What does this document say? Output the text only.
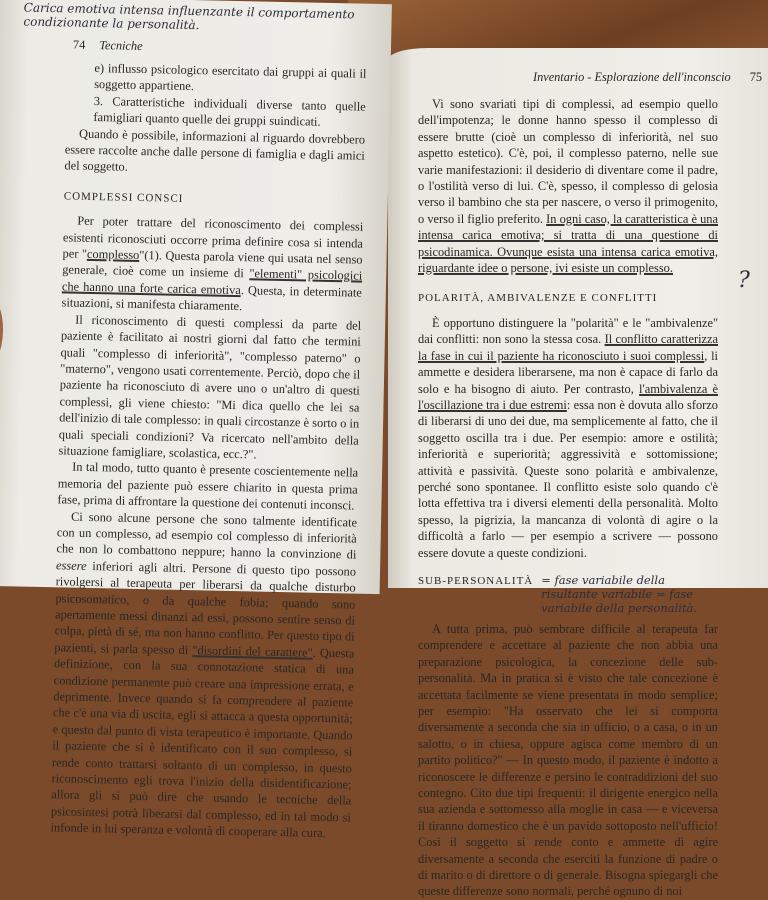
Inventario - Esplorazione dell'inconscio 75

Vi sono svariati tipi di complessi, ad esempio quello dell'impotenza; le donne hanno spesso il complesso di essere brutte (cioè un complesso di inferiorità, nel suo aspetto estetico). C'è, poi, il complesso paterno, nelle sue varie manifestazioni: il desiderio di diventare come il padre, o l'ostilità verso di lui. C'è, spesso, il complesso di gelosia verso il bambino che sta per nascere, o verso il primogenito, o verso il figlio preferito. In ogni caso, la caratteristica è una intensa carica emotiva; si tratta di una questione di psicodinamica. Ovunque esista una intensa carica emotiva, riguardante idee o persone, ivi esiste un complesso.

POLARITÀ, AMBIVALENZE E CONFLITTI

È opportuno distinguere la "polarità" e le "ambivalenze" dai conflitti: non sono la stessa cosa. Il conflitto caratterizza la fase in cui il paziente ha riconosciuto i suoi complessi, li ammette e desidera liberarsene, ma non è capace di farlo da solo e ha bisogno di aiuto. Per contrasto, l'ambivalenza è l'oscillazione tra i due estremi: essa non è dovuta allo sforzo di liberarsi di uno dei due, ma semplicemente al fatto, che il soggetto oscilla tra i due. Per esempio: amore e ostilità; inferiorità e superiorità; aggressività e sottomissione; attività e passività. Queste sono polarità e ambivalenze, perché sono spontanee. Il conflitto esiste solo quando c'è lotta effettiva tra i diversi elementi della personalità. Molto spesso, la pigrizia, la mancanza di volontà di agire o la difficoltà a farlo — per esempio a scrivere — possono essere dovute a queste condizioni.

SUB-PERSONALITÀ = fase variabile della risultante variabile = fase variabile della personalità.

A tutta prima, può sembrare difficile al terapeuta far comprendere e accettare al paziente che non abbia una preparazione psicologica, la concezione delle sub-personalità. Ma in pratica si è visto che tale concezione è accettata facilmente se viene presentata in modo semplice; per esempio: "Ha osservato che lei si comporta diversamente a seconda che sia in ufficio, o a casa, o in un salotto, o in chiesa, oppure agisca come membro di un partito politico?" — In questo modo, il paziente è indotto a riconoscere le differenze e persino le contraddizioni del suo contegno. Cito due tipi frequenti: il dirigente energico nella sua azienda e sottomesso alla moglie in casa — e viceversa il tiranno domestico che è un pavido sottoposto nell'ufficio! Così il soggetto si rende conto e ammette di agire diversamente a seconda che eserciti la funzione di padre o di marito o di direttore o di generale. Bisogna spiegargli che queste differenze sono normali, perché ognuno di noi

?
Carica emotiva intensa influenzante il comportamento condizionante la personalità.
74 Tecniche

e) influsso psicologico esercitato dai gruppi ai quali il soggetto appartiene.

3. Caratteristiche individuali diverse tanto quelle famigliari quanto quelle dei gruppi suindicati.

Quando è possibile, informazioni al riguardo dovrebbero essere raccolte anche dalle persone di famiglia e dagli amici del soggetto.

COMPLESSI CONSCI

Per poter trattare del riconoscimento dei complessi esistenti riconosciuti occorre prima definire cosa si intenda per "complesso"(1). Questa parola viene qui usata nel senso generale, cioè come un insieme di "elementi" psicologici che hanno una forte carica emotiva. Questa, in determinate situazioni, si manifesta chiaramente.

Il riconoscimento di questi complessi da parte del paziente è facilitato ai nostri giorni dal fatto che termini quali "complesso di inferiorità", "complesso paterno" o "materno", vengono usati correntemente. Perciò, dopo che il paziente ha riconosciuto di avere uno o un'altro di questi complessi, gli viene chiesto: "Mi dica quello che lei sa dell'inizio di tale complesso: in quali circostanze è sorto o in quali speciali condizioni? Va ricercato nell'ambito della situazione famigliare, scolastica, ecc.?".

In tal modo, tutto quanto è presente coscientemente nella memoria del paziente può essere chiarito in questa prima fase, prima di affrontare la questione dei contenuti inconsci.

Ci sono alcune persone che sono talmente identificate con un complesso, ad esempio col complesso di inferiorità che non lo combattono neppure; hanno la convinzione di essere inferiori agli altri. Persone di questo tipo possono rivolgersi al terapeuta per liberarsi da qualche disturbo psicosomatico, o da qualche fobia; quando sono apertamente messi dinanzi ad essi, possono sentire senso di colpa, pietà di sé, ma non hanno conflitto. Per questo tipo di pazienti, si parla spesso di "disordini del carattere". Questa definizione, con la sua connotazione statica di una condizione permanente può creare una impressione errata, e deprimente. Invece quando si fa comprendere al paziente che c'è una via di uscita, egli si attacca a questa opportunità; e questo dal punto di vista terapeutico è importante. Quando il paziente che si è identificato con il suo complesso, si rende conto trattarsi soltanto di un complesso, in questo riconoscimento egli trova l'inizio della disidentificazione; allora gli si può dire che usando le tecniche della psicosintesi potrà liberarsi dal complesso, ed in tal modo si infonde in lui speranza e volontà di cooperare alla cura.
